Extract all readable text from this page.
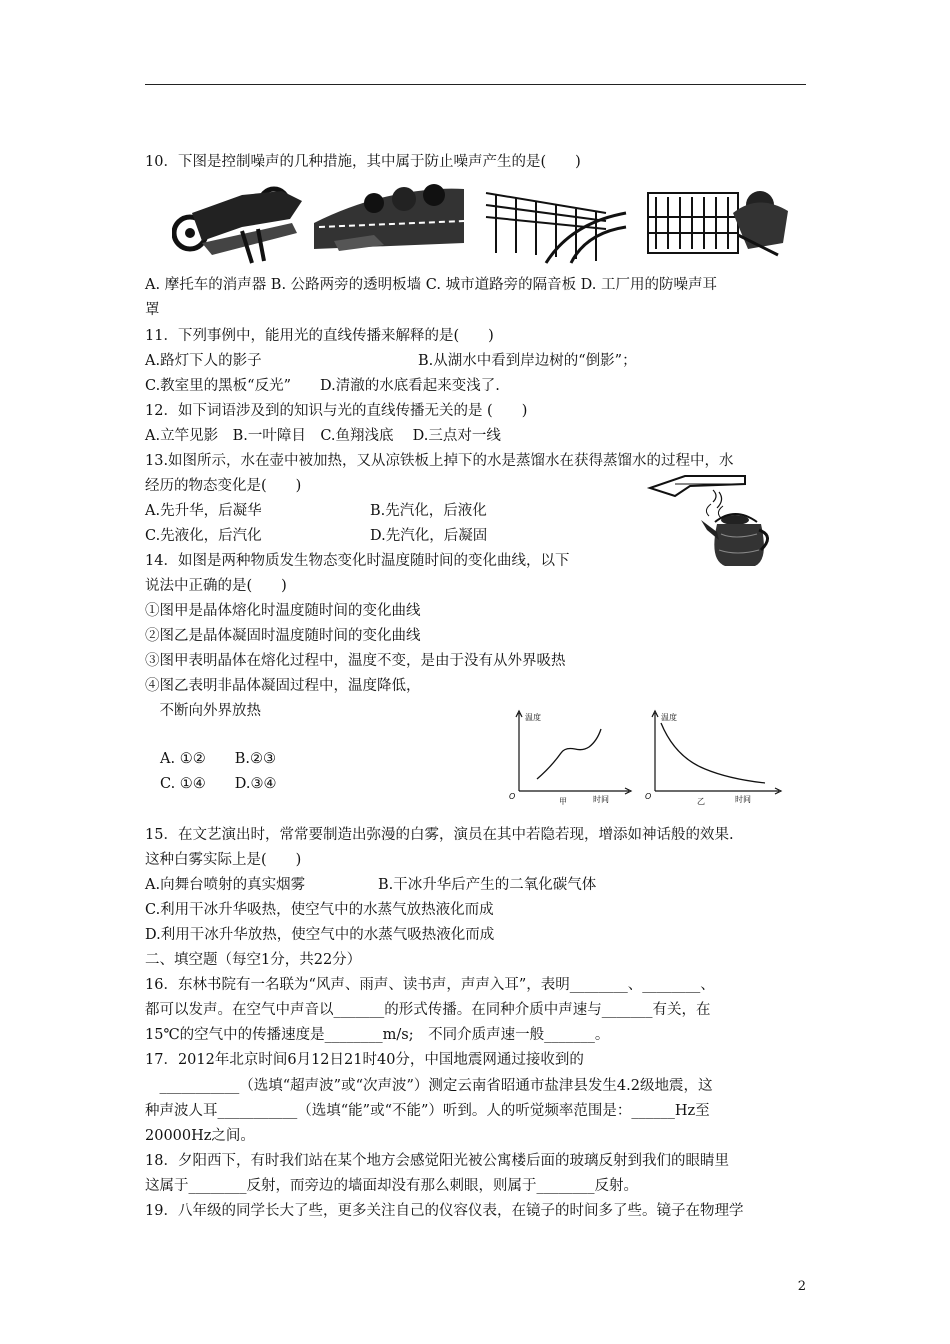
10．下图是控制噪声的几种措施，其中属于防止噪声产生的是(　　)
A. 摩托车的消声器 B. 公路两旁的透明板墙 C. 城市道路旁的隔音板 D. 工厂用的防噪声耳
罩
11．下列事例中，能用光的直线传播来解释的是(　　)
A.路灯下人的影子	B.从湖水中看到岸边树的“倒影”；
C.教室里的黑板“反光”　　D.清澈的水底看起来变浅了.
12．如下词语涉及到的知识与光的直线传播无关的是 (　　)
A.立竿见影　B.一叶障目　C.鱼翔浅底　 D.三点对一线
13.如图所示，水在壶中被加热，又从凉铁板上掉下的水是蒸馏水在获得蒸馏水的过程中，水
经历的物态变化是(　　)
A.先升华，后凝华	B.先汽化，后液化
C.先液化，后汽化	D.先汽化，后凝固
14．如图是两种物质发生物态变化时温度随时间的变化曲线，以下
说法中正确的是(　　)
①图甲是晶体熔化时温度随时间的变化曲线
②图乙是晶体凝固时温度随时间的变化曲线
③图甲表明晶体在熔化过程中，温度不变，是由于没有从外界吸热
④图乙表明非晶体凝固过程中，温度降低，
　不断向外界放热
A. ①②　　B.②③
C. ①④　　D.③④
温度
时间
O
甲
温度
时间
O
乙
15．在文艺演出时，常常要制造出弥漫的白雾，演员在其中若隐若现，增添如神话般的效果.
这种白雾实际上是(　　)
A.向舞台喷射的真实烟雾	B.干冰升华后产生的二氧化碳气体
C.利用干冰升华吸热，使空气中的水蒸气放热液化而成
D.利用干冰升华放热，使空气中的水蒸气吸热液化而成
二、填空题（每空1分，共22分）
16．东林书院有一名联为“风声、雨声、读书声，声声入耳”，表明________、________、
都可以发声。在空气中声音以_______的形式传播。在同种介质中声速与_______有关，在
15℃的空气中的传播速度是________m/s;　不同介质声速一般_______。
17．2012年北京时间6月12日21时40分，中国地震网通过接收到的
　___________（选填“超声波”或“次声波”）测定云南省昭通市盐津县发生4.2级地震，这
种声波人耳___________（选填“能”或“不能”）听到。人的听觉频率范围是：______Hz至
20000Hz之间。
18．夕阳西下，有时我们站在某个地方会感觉阳光被公寓楼后面的玻璃反射到我们的眼睛里
这属于________反射，而旁边的墙面却没有那么刺眼，则属于________反射。
19．八年级的同学长大了些，更多关注自己的仪容仪表，在镜子的时间多了些。镜子在物理学
2
